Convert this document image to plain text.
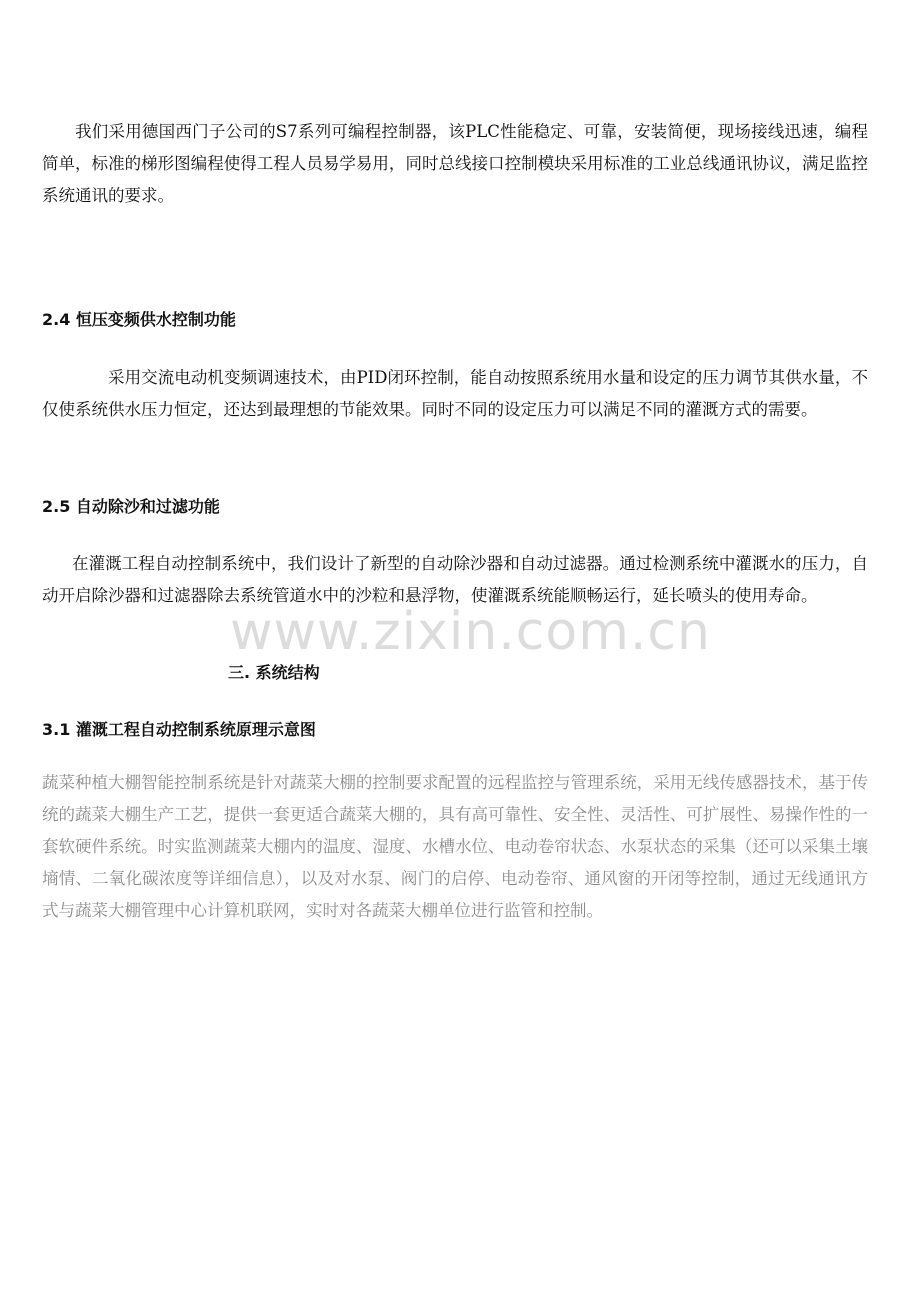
我们采用德国西门子公司的S7系列可编程控制器，该PLC性能稳定、可靠，安装简便，现场接线迅速，编程简单，标准的梯形图编程使得工程人员易学易用，同时总线接口控制模块采用标准的工业总线通讯协议，满足监控系统通讯的要求。

2.4 恒压变频供水控制功能

采用交流电动机变频调速技术，由PID闭环控制，能自动按照系统用水量和设定的压力调节其供水量，不仅使系统供水压力恒定，还达到最理想的节能效果。同时不同的设定压力可以满足不同的灌溉方式的需要。

2.5 自动除沙和过滤功能

在灌溉工程自动控制系统中，我们设计了新型的自动除沙器和自动过滤器。通过检测系统中灌溉水的压力，自动开启除沙器和过滤器除去系统管道水中的沙粒和悬浮物，使灌溉系统能顺畅运行，延长喷头的使用寿命。

www.zixin.com.cn
三. 系统结构
3.1 灌溉工程自动控制系统原理示意图

蔬菜种植大棚智能控制系统是针对蔬菜大棚的控制要求配置的远程监控与管理系统，采用无线传感器技术，基于传统的蔬菜大棚生产工艺，提供一套更适合蔬菜大棚的，具有高可靠性、安全性、灵活性、可扩展性、易操作性的一套软硬件系统。时实监测蔬菜大棚内的温度、湿度、水槽水位、电动卷帘状态、水泵状态的采集（还可以采集土壤墒情、二氧化碳浓度等详细信息），以及对水泵、阀门的启停、电动卷帘、通风窗的开闭等控制，通过无线通讯方式与蔬菜大棚管理中心计算机联网，实时对各蔬菜大棚单位进行监管和控制。
